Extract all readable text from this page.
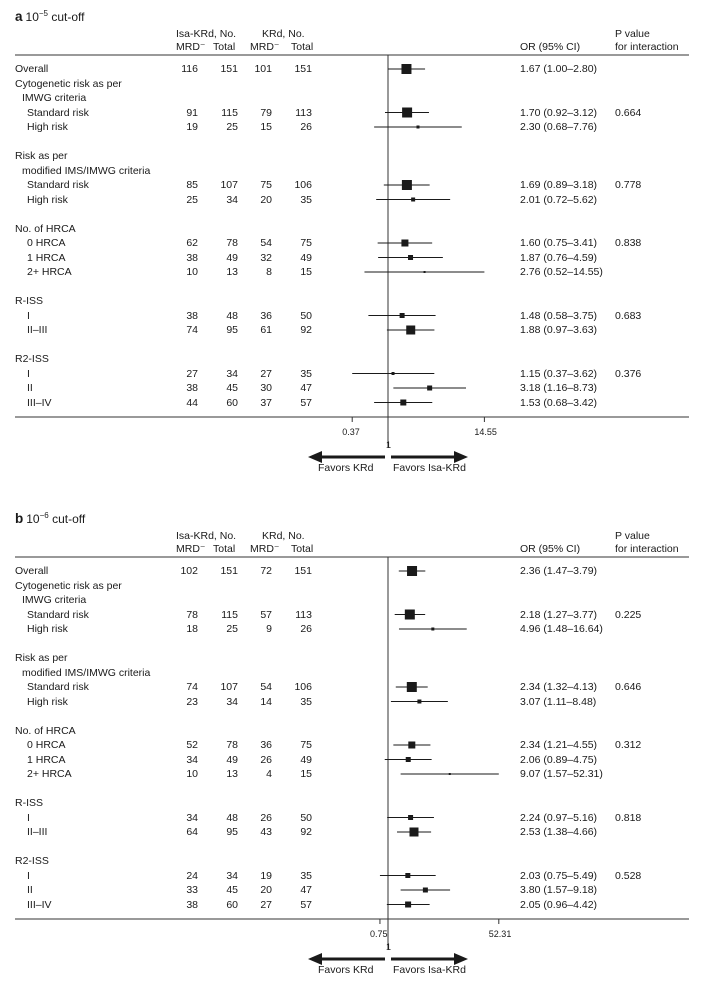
a $10^{-5}$ cut-off
Isa-KRd, No. KRd, No.
MRD⁻ Total MRD⁻ Total	OR (95% CI)
P value
for interaction
Overall	116	151	101	151	1.67 (1.00–2.80)
Cytogenetic risk as per
IMWG criteria
Standard risk	91	115	79	113	1.70 (0.92–3.12) 0.664
High risk	19	25	15	26	2.30 (0.68–7.76)
Risk as per
modified IMS/IMWG criteria
Standard risk	85	107	75	106	1.69 (0.89–3.18) 0.778
High risk	25	34	20	35	2.01 (0.72–5.62)
No. of HRCA
0 HRCA	62	78	54	75	1.60 (0.75–3.41) 0.838
1 HRCA	38	49	32	49	1.87 (0.76–4.59)
2+ HRCA	10	13	8	15	2.76 (0.52–14.55)
R-ISS
I	38	48	36	50	1.48 (0.58–3.75) 0.683
II–III	74	95	61	92	1.88 (0.97–3.63)
R2-ISS
I	27	34	27	35	1.15 (0.37–3.62) 0.376
II	38	45	30	47	3.18 (1.16–8.73)
III–IV	44	60	37	57	1.53 (0.68–3.42)
0.37
1
14.55
Favors KRd Favors Isa-KRd
b $10^{-6}$ cut-off
Isa-KRd, No. KRd, No.
MRD⁻ Total MRD⁻ Total	OR (95% CI)
P value
for interaction
Overall	102	151	72	151	2.36 (1.47–3.79)
Cytogenetic risk as per
IMWG criteria
Standard risk	78	115	57	113	2.18 (1.27–3.77) 0.225
High risk	18	25	9	26	4.96 (1.48–16.64)
Risk as per
modified IMS/IMWG criteria
Standard risk	74	107	54	106	2.34 (1.32–4.13) 0.646
High risk	23	34	14	35	3.07 (1.11–8.48)
No. of HRCA
0 HRCA	52	78	36	75	2.34 (1.21–4.55) 0.312
1 HRCA	34	49	26	49	2.06 (0.89–4.75)
2+ HRCA	10	13	4	15	9.07 (1.57–52.31)
R-ISS
I	34	48	26	50	2.24 (0.97–5.16) 0.818
II–III	64	95	43	92	2.53 (1.38–4.66)
R2-ISS
I	24	34	19	35	2.03 (0.75–5.49) 0.528
II	33	45	20	47	3.80 (1.57–9.18)
III–IV	38	60	27	57	2.05 (0.96–4.42)
0.75
1
52.31
Favors KRd Favors Isa-KRd
